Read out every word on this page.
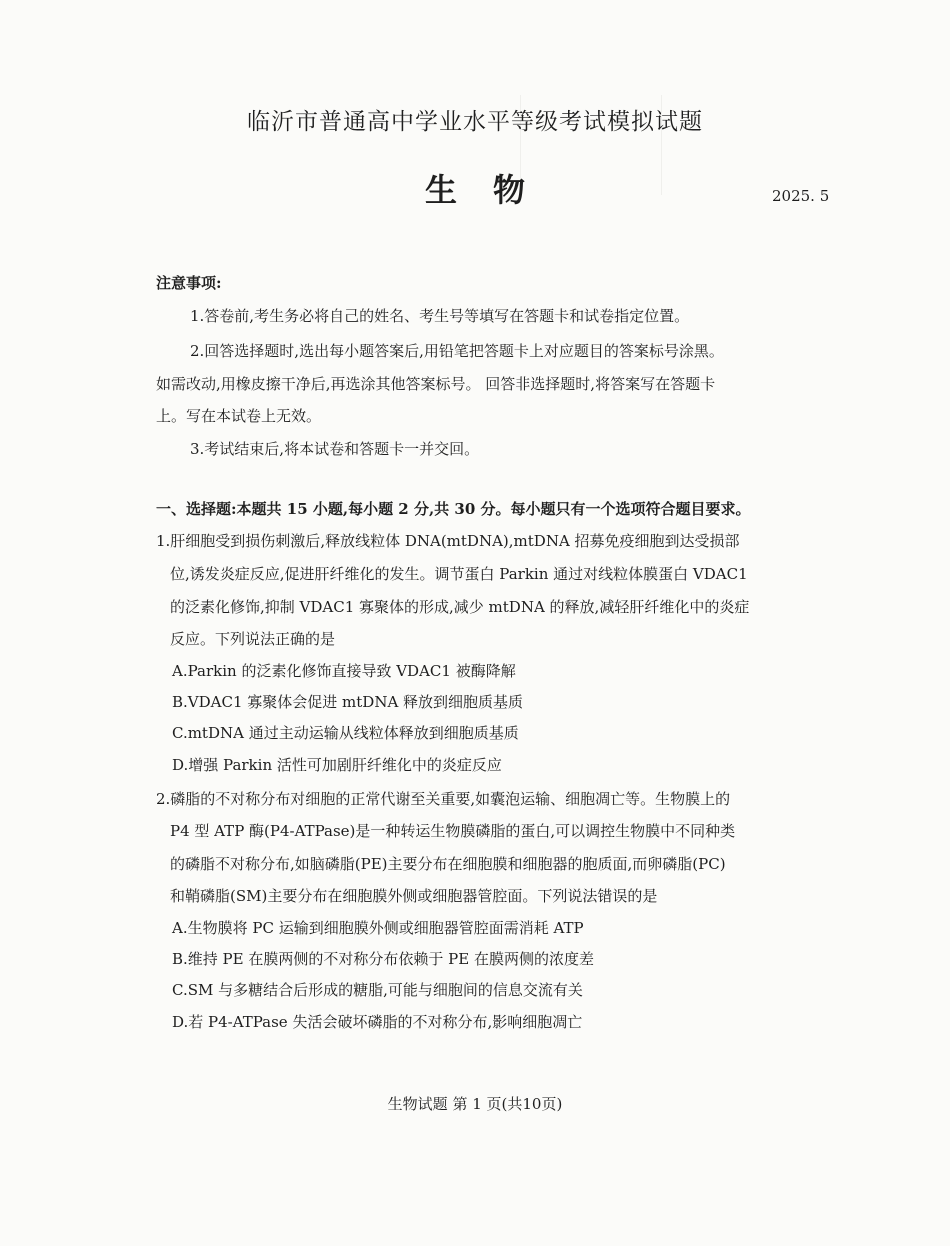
临沂市普通高中学业水平等级考试模拟试题
生物	2025. 5
注意事项:
1.答卷前,考生务必将自己的姓名、考生号等填写在答题卡和试卷指定位置。
2.回答选择题时,选出每小题答案后,用铅笔把答题卡上对应题目的答案标号涂黑。
如需改动,用橡皮擦干净后,再选涂其他答案标号。 回答非选择题时,将答案写在答题卡
上。写在本试卷上无效。
3.考试结束后,将本试卷和答题卡一并交回。
一、选择题:本题共 15 小题,每小题 2 分,共 30 分。每小题只有一个选项符合题目要求。
1.肝细胞受到损伤刺激后,释放线粒体 DNA(mtDNA),mtDNA 招募免疫细胞到达受损部
位,诱发炎症反应,促进肝纤维化的发生。调节蛋白 Parkin 通过对线粒体膜蛋白 VDAC1
的泛素化修饰,抑制 VDAC1 寡聚体的形成,减少 mtDNA 的释放,减轻肝纤维化中的炎症
反应。下列说法正确的是
A.Parkin 的泛素化修饰直接导致 VDAC1 被酶降解
B.VDAC1 寡聚体会促进 mtDNA 释放到细胞质基质
C.mtDNA 通过主动运输从线粒体释放到细胞质基质
D.增强 Parkin 活性可加剧肝纤维化中的炎症反应
2.磷脂的不对称分布对细胞的正常代谢至关重要,如囊泡运输、细胞凋亡等。生物膜上的
P4 型 ATP 酶(P4-ATPase)是一种转运生物膜磷脂的蛋白,可以调控生物膜中不同种类
的磷脂不对称分布,如脑磷脂(PE)主要分布在细胞膜和细胞器的胞质面,而卵磷脂(PC)
和鞘磷脂(SM)主要分布在细胞膜外侧或细胞器管腔面。下列说法错误的是
A.生物膜将 PC 运输到细胞膜外侧或细胞器管腔面需消耗 ATP
B.维持 PE 在膜两侧的不对称分布依赖于 PE 在膜两侧的浓度差
C.SM 与多糖结合后形成的糖脂,可能与细胞间的信息交流有关
D.若 P4-ATPase 失活会破坏磷脂的不对称分布,影响细胞凋亡
生物试题 第 1 页(共10页)
